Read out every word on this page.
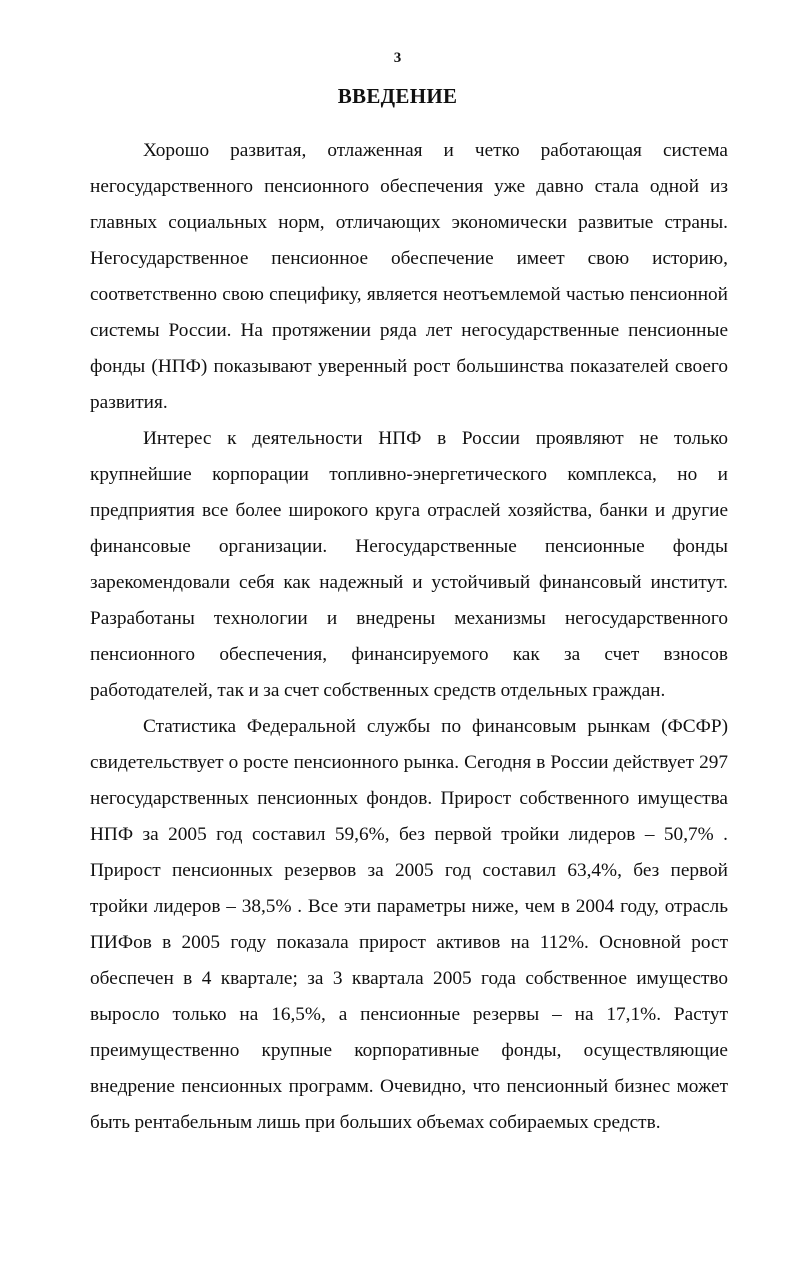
3
ВВЕДЕНИЕ

Хорошо развитая, отлаженная и четко работающая система негосударственного пенсионного обеспечения уже давно стала одной из главных социальных норм, отличающих экономически развитые страны. Негосударственное пенсионное обеспечение имеет свою историю, соответственно свою специфику, является неотъемлемой частью пенсионной системы России. На протяжении ряда лет негосударственные пенсионные фонды (НПФ) показывают уверенный рост большинства показателей своего развития.

Интерес к деятельности НПФ в России проявляют не только крупнейшие корпорации топливно-энергетического комплекса, но и предприятия все более широкого круга отраслей хозяйства, банки и другие финансовые организации. Негосударственные пенсионные фонды зарекомендовали себя как надежный и устойчивый финансовый институт. Разработаны технологии и внедрены механизмы негосударственного пенсионного обеспечения, финансируемого как за счет взносов работодателей, так и за счет собственных средств отдельных граждан.

Статистика Федеральной службы по финансовым рынкам (ФСФР) свидетельствует о росте пенсионного рынка. Сегодня в России действует 297 негосударственных пенсионных фондов. Прирост собственного имущества НПФ за 2005 год составил 59,6%, без первой тройки лидеров – 50,7% . Прирост пенсионных резервов за 2005 год составил 63,4%, без первой тройки лидеров – 38,5% . Все эти параметры ниже, чем в 2004 году, отрасль ПИФов в 2005 году показала прирост активов на 112%. Основной рост обеспечен в 4 квартале; за 3 квартала 2005 года собственное имущество выросло только на 16,5%, а пенсионные резервы – на 17,1%. Растут преимущественно крупные корпоративные фонды, осуществляющие внедрение пенсионных программ. Очевидно, что пенсионный бизнес может быть рентабельным лишь при больших объемах собираемых средств.
